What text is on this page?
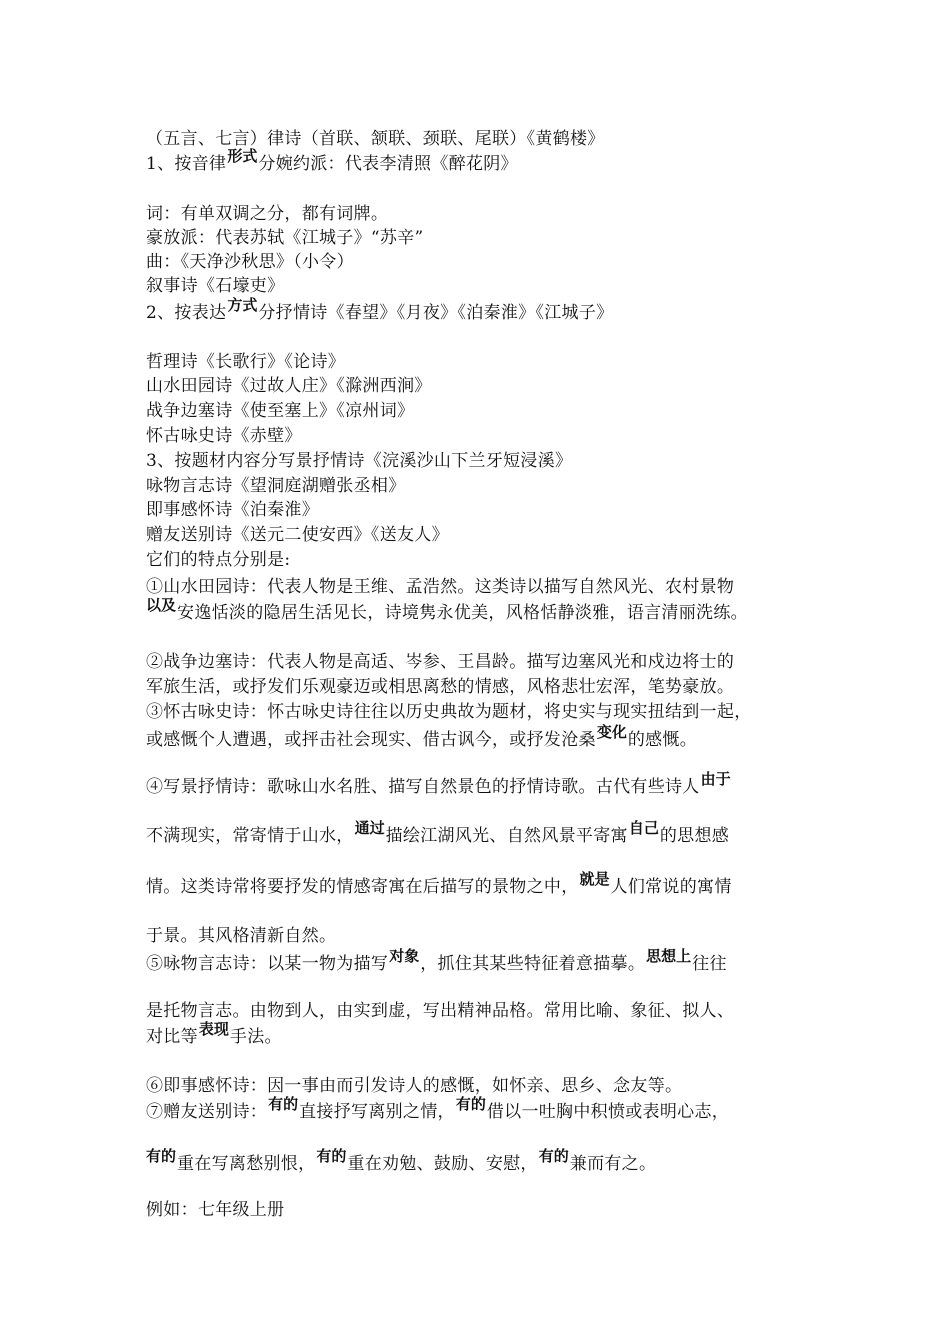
（五言、七言）律诗（首联、颔联、颈联、尾联）《黄鹤楼》
1、按音律形式分婉约派：代表李清照《醉花阴》
词：有单双调之分，都有词牌。
豪放派：代表苏轼《江城子》“苏辛”
曲：《天净沙秋思》（小令）
叙事诗《石壕吏》
2、按表达方式分抒情诗《春望》《月夜》《泊秦淮》《江城子》
哲理诗《长歌行》《论诗》
山水田园诗《过故人庄》《滁洲西涧》
战争边塞诗《使至塞上》《凉州词》
怀古咏史诗《赤壁》
3、按题材内容分写景抒情诗《浣溪沙山下兰牙短浸溪》
咏物言志诗《望洞庭湖赠张丞相》
即事感怀诗《泊秦淮》
赠友送别诗《送元二使安西》《送友人》
它们的特点分别是:
①山水田园诗：代表人物是王维、孟浩然。这类诗以描写自然风光、农村景物
以及安逸恬淡的隐居生活见长，诗境隽永优美，风格恬静淡雅，语言清丽洗练。
②战争边塞诗：代表人物是高适、岑参、王昌龄。描写边塞风光和戍边将士的
军旅生活，或抒发们乐观豪迈或相思离愁的情感，风格悲壮宏浑，笔势豪放。
③怀古咏史诗：怀古咏史诗往往以历史典故为题材，将史实与现实扭结到一起，
或感慨个人遭遇，或抨击社会现实、借古讽今，或抒发沧桑变化的感慨。
④写景抒情诗：歌咏山水名胜、描写自然景色的抒情诗歌。古代有些诗人由于
不满现实，常寄情于山水，通过描绘江湖风光、自然风景平寄寓自己的思想感
情。这类诗常将要抒发的情感寄寓在后描写的景物之中，就是人们常说的寓情
于景。其风格清新自然。
⑤咏物言志诗：以某一物为描写对象，抓住其某些特征着意描摹。思想上往往
是托物言志。由物到人，由实到虚，写出精神品格。常用比喻、象征、拟人、
对比等表现手法。
⑥即事感怀诗：因一事由而引发诗人的感慨，如怀亲、思乡、念友等。
⑦赠友送别诗：有的直接抒写离别之情，有的借以一吐胸中积愤或表明心志，
有的重在写离愁别恨，有的重在劝勉、鼓励、安慰，有的兼而有之。
例如：七年级上册
